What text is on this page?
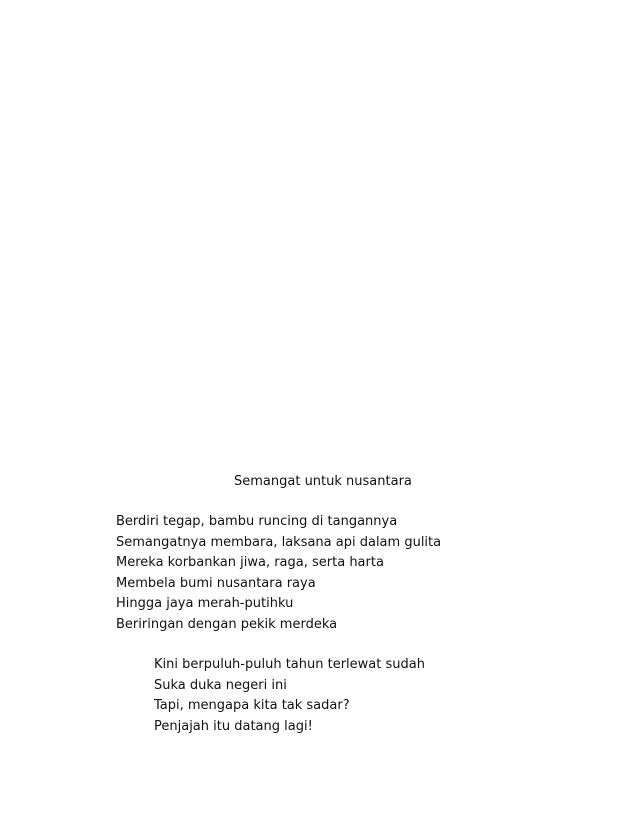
Semangat untuk nusantara
Berdiri tegap, bambu runcing di tangannya
Semangatnya membara, laksana api dalam gulita
Mereka korbankan jiwa, raga, serta harta
Membela bumi nusantara raya
Hingga jaya merah-putihku
Beriringan dengan pekik merdeka
Kini berpuluh-puluh tahun terlewat sudah
Suka duka negeri ini
Tapi, mengapa kita tak sadar?
Penjajah itu datang lagi!
